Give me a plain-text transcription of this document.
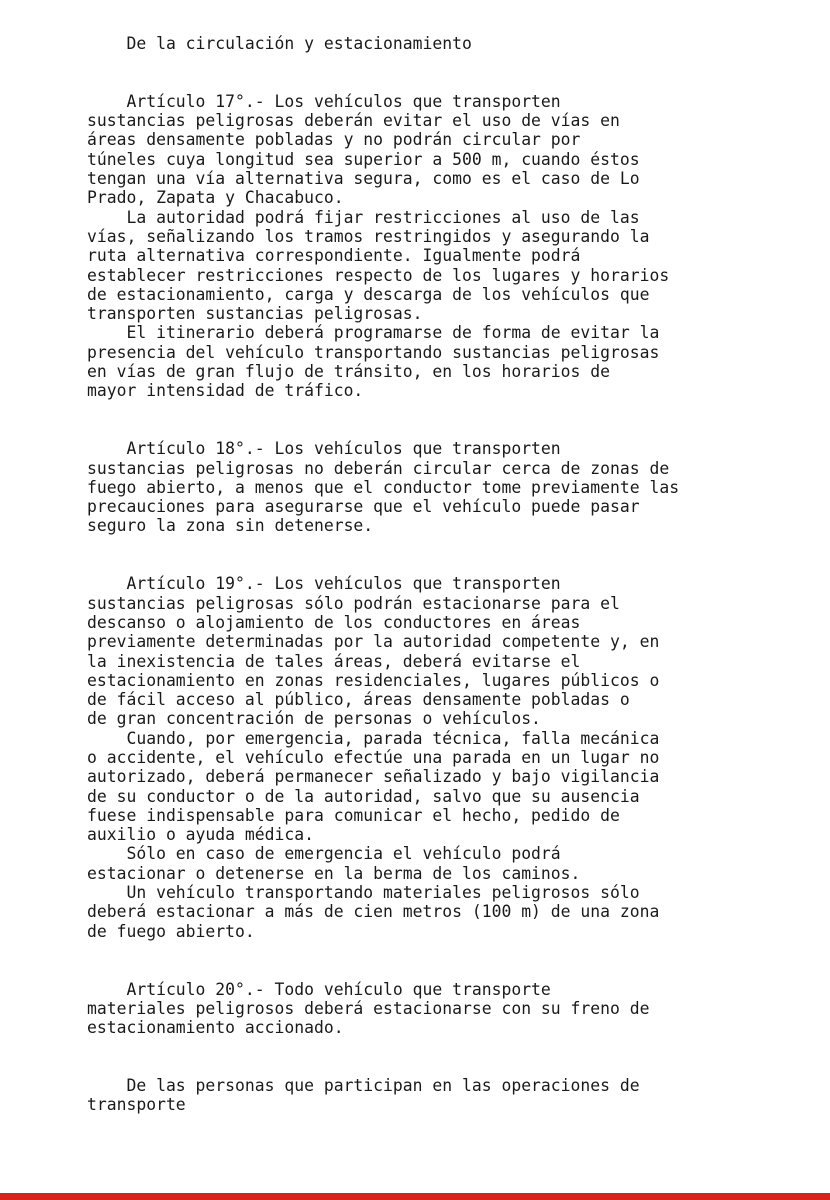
De la circulación y estacionamiento
Artículo 17°.- Los vehículos que transporten
sustancias peligrosas deberán evitar el uso de vías en
áreas densamente pobladas y no podrán circular por
túneles cuya longitud sea superior a 500 m, cuando éstos
tengan una vía alternativa segura, como es el caso de Lo
Prado, Zapata y Chacabuco.
La autoridad podrá fijar restricciones al uso de las
vías, señalizando los tramos restringidos y asegurando la
ruta alternativa correspondiente. Igualmente podrá
establecer restricciones respecto de los lugares y horarios
de estacionamiento, carga y descarga de los vehículos que
transporten sustancias peligrosas.
El itinerario deberá programarse de forma de evitar la
presencia del vehículo transportando sustancias peligrosas
en vías de gran flujo de tránsito, en los horarios de
mayor intensidad de tráfico.
Artículo 18°.- Los vehículos que transporten
sustancias peligrosas no deberán circular cerca de zonas de
fuego abierto, a menos que el conductor tome previamente las
precauciones para asegurarse que el vehículo puede pasar
seguro la zona sin detenerse.
Artículo 19°.- Los vehículos que transporten
sustancias peligrosas sólo podrán estacionarse para el
descanso o alojamiento de los conductores en áreas
previamente determinadas por la autoridad competente y, en
la inexistencia de tales áreas, deberá evitarse el
estacionamiento en zonas residenciales, lugares públicos o
de fácil acceso al público, áreas densamente pobladas o
de gran concentración de personas o vehículos.
Cuando, por emergencia, parada técnica, falla mecánica
o accidente, el vehículo efectúe una parada en un lugar no
autorizado, deberá permanecer señalizado y bajo vigilancia
de su conductor o de la autoridad, salvo que su ausencia
fuese indispensable para comunicar el hecho, pedido de
auxilio o ayuda médica.
Sólo en caso de emergencia el vehículo podrá
estacionar o detenerse en la berma de los caminos.
Un vehículo transportando materiales peligrosos sólo
deberá estacionar a más de cien metros (100 m) de una zona
de fuego abierto.
Artículo 20°.- Todo vehículo que transporte
materiales peligrosos deberá estacionarse con su freno de
estacionamiento accionado.
De las personas que participan en las operaciones de
transporte
